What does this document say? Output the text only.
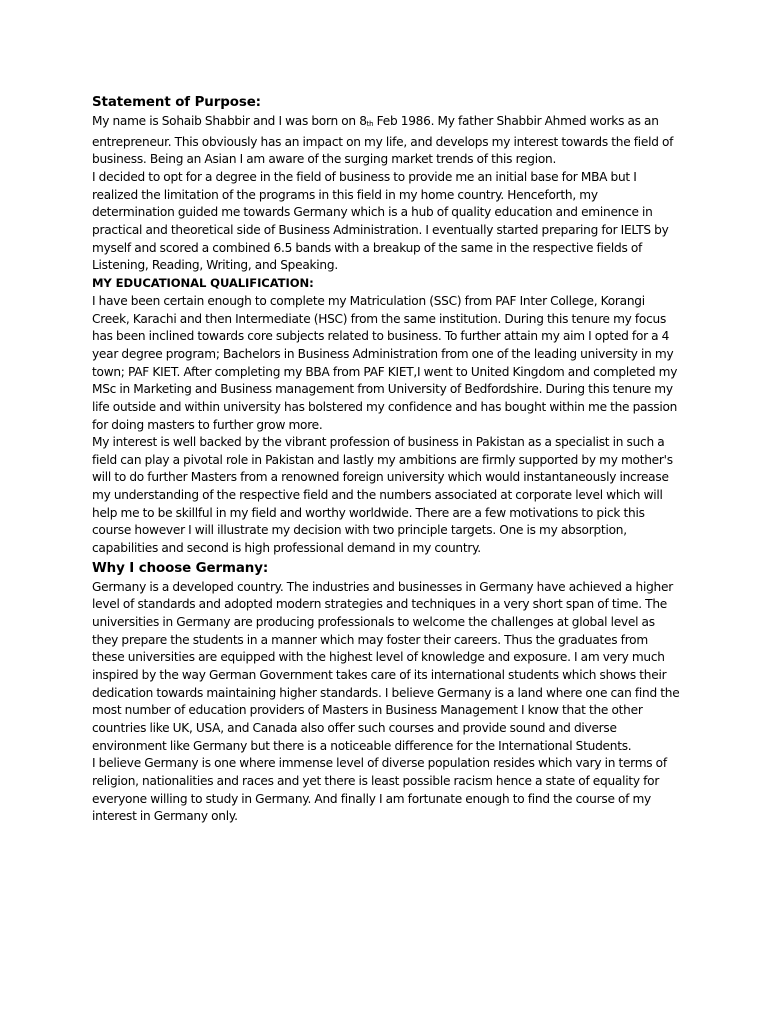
Statement of Purpose:

My name is Sohaib Shabbir and I was born on $8_{th}$ Feb 1986. My father Shabbir Ahmed works as an entrepreneur. This obviously has an impact on my life, and develops my interest towards the field of business. Being an Asian I am aware of the surging market trends of this region.

I decided to opt for a degree in the field of business to provide me an initial base for MBA but I realized the limitation of the programs in this field in my home country. Henceforth, my determination guided me towards Germany which is a hub of quality education and eminence in practical and theoretical side of Business Administration. I eventually started preparing for IELTS by myself and scored a combined 6.5 bands with a breakup of the same in the respective fields of Listening, Reading, Writing, and Speaking.

MY EDUCATIONAL QUALIFICATION:

I have been certain enough to complete my Matriculation (SSC) from PAF Inter College, Korangi Creek, Karachi and then Intermediate (HSC) from the same institution. During this tenure my focus has been inclined towards core subjects related to business. To further attain my aim I opted for a 4 year degree program; Bachelors in Business Administration from one of the leading university in my town; PAF KIET. After completing my BBA from PAF KIET,I went to United Kingdom and completed my MSc in Marketing and Business management from University of Bedfordshire. During this tenure my life outside and within university has bolstered my confidence and has bought within me the passion for doing masters to further grow more.

My interest is well backed by the vibrant profession of business in Pakistan as a specialist in such a field can play a pivotal role in Pakistan and lastly my ambitions are firmly supported by my mother's will to do further Masters from a renowned foreign university which would instantaneously increase my understanding of the respective field and the numbers associated at corporate level which will help me to be skillful in my field and worthy worldwide. There are a few motivations to pick this course however I will illustrate my decision with two principle targets. One is my absorption, capabilities and second is high professional demand in my country.

Why I choose Germany:

Germany is a developed country. The industries and businesses in Germany have achieved a higher level of standards and adopted modern strategies and techniques in a very short span of time. The universities in Germany are producing professionals to welcome the challenges at global level as they prepare the students in a manner which may foster their careers. Thus the graduates from these universities are equipped with the highest level of knowledge and exposure. I am very much inspired by the way German Government takes care of its international students which shows their dedication towards maintaining higher standards. I believe Germany is a land where one can find the most number of education providers of Masters in Business Management I know that the other countries like UK, USA, and Canada also offer such courses and provide sound and diverse environment like Germany but there is a noticeable difference for the International Students.

I believe Germany is one where immense level of diverse population resides which vary in terms of religion, nationalities and races and yet there is least possible racism hence a state of equality for everyone willing to study in Germany. And finally I am fortunate enough to find the course of my interest in Germany only.
